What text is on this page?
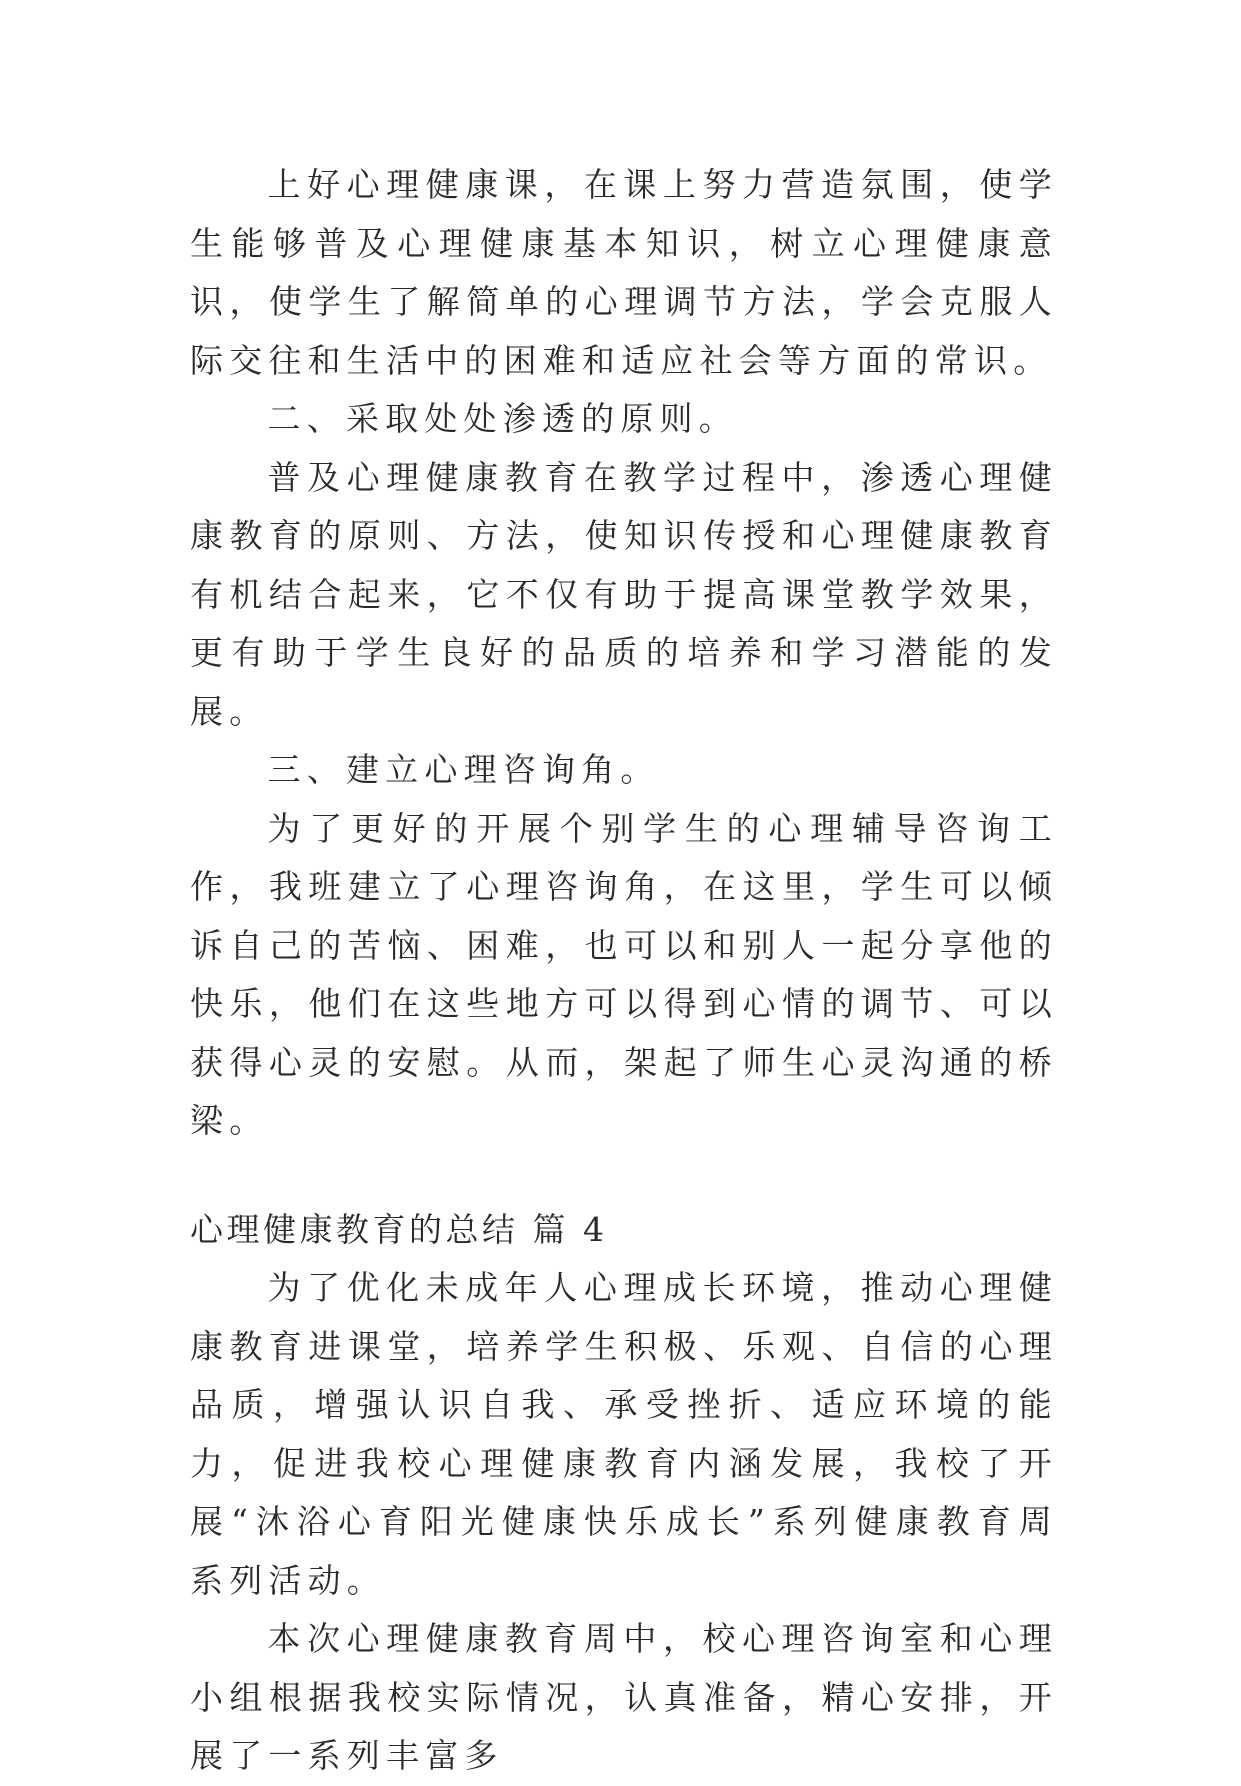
上好心理健康课，在课上努力营造氛围，使学生能够普及心理健康基本知识，树立心理健康意识，使学生了解简单的心理调节方法，学会克服人际交往和生活中的困难和适应社会等方面的常识。

二、采取处处渗透的原则。

普及心理健康教育在教学过程中，渗透心理健康教育的原则、方法，使知识传授和心理健康教育有机结合起来，它不仅有助于提高课堂教学效果，更有助于学生良好的品质的培养和学习潜能的发展。

三、建立心理咨询角。

为了更好的开展个别学生的心理辅导咨询工作，我班建立了心理咨询角，在这里，学生可以倾诉自己的苦恼、困难，也可以和别人一起分享他的快乐，他们在这些地方可以得到心情的调节、可以获得心灵的安慰。从而，架起了师生心灵沟通的桥梁。

心理健康教育的总结 篇 4

为了优化未成年人心理成长环境，推动心理健康教育进课堂，培养学生积极、乐观、自信的心理品质，增强认识自我、承受挫折、适应环境的能力，促进我校心理健康教育内涵发展，我校了开展“沐浴心育阳光健康快乐成长”系列健康教育周系列活动。

本次心理健康教育周中，校心理咨询室和心理小组根据我校实际情况，认真准备，精心安排，开展了一系列丰富多
